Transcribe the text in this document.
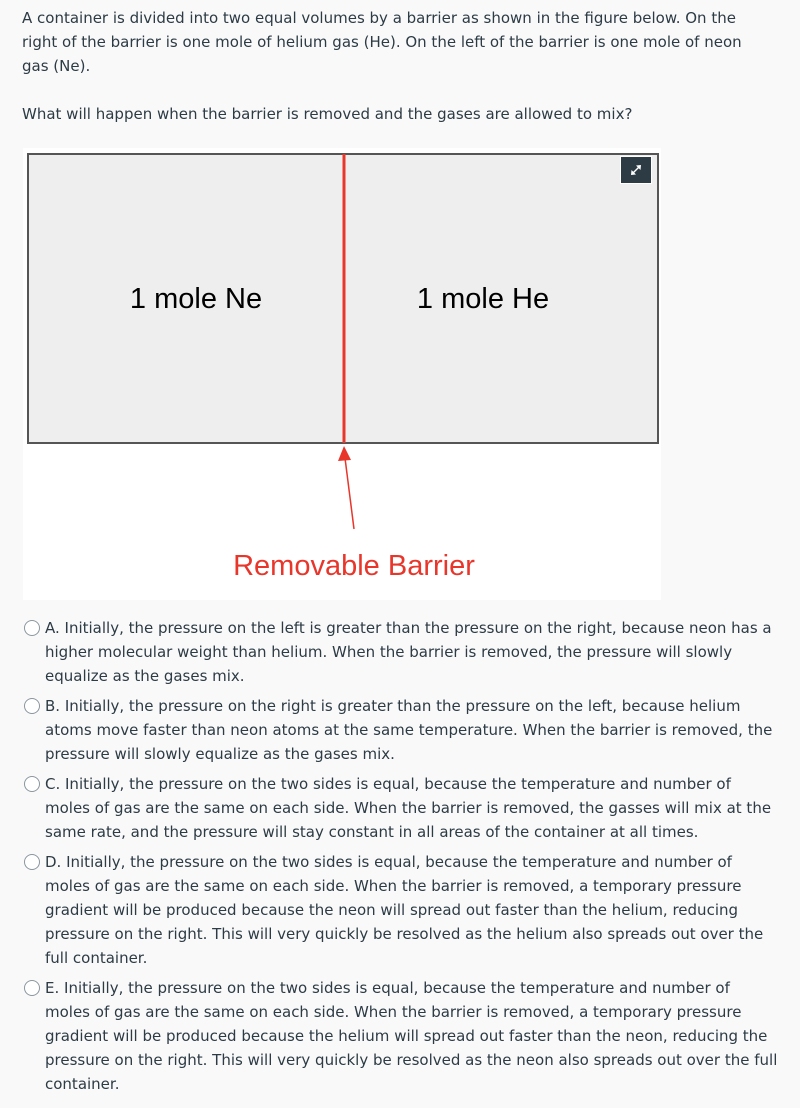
A container is divided into two equal volumes by a barrier as shown in the figure below. On the right of the barrier is one mole of helium gas (He). On the left of the barrier is one mole of neon gas (Ne).

What will happen when the barrier is removed and the gases are allowed to mix?

1 mole Ne	1 mole He
Removable Barrier
A. Initially, the pressure on the left is greater than the pressure on the right, because neon has a higher molecular weight than helium. When the barrier is removed, the pressure will slowly equalize as the gases mix.
B. Initially, the pressure on the right is greater than the pressure on the left, because helium atoms move faster than neon atoms at the same temperature. When the barrier is removed, the pressure will slowly equalize as the gases mix.
C. Initially, the pressure on the two sides is equal, because the temperature and number of moles of gas are the same on each side. When the barrier is removed, the gasses will mix at the same rate, and the pressure will stay constant in all areas of the container at all times.
D. Initially, the pressure on the two sides is equal, because the temperature and number of moles of gas are the same on each side. When the barrier is removed, a temporary pressure gradient will be produced because the neon will spread out faster than the helium, reducing pressure on the right. This will very quickly be resolved as the helium also spreads out over the full container.
E. Initially, the pressure on the two sides is equal, because the temperature and number of moles of gas are the same on each side. When the barrier is removed, a temporary pressure gradient will be produced because the helium will spread out faster than the neon, reducing the pressure on the right. This will very quickly be resolved as the neon also spreads out over the full container.
